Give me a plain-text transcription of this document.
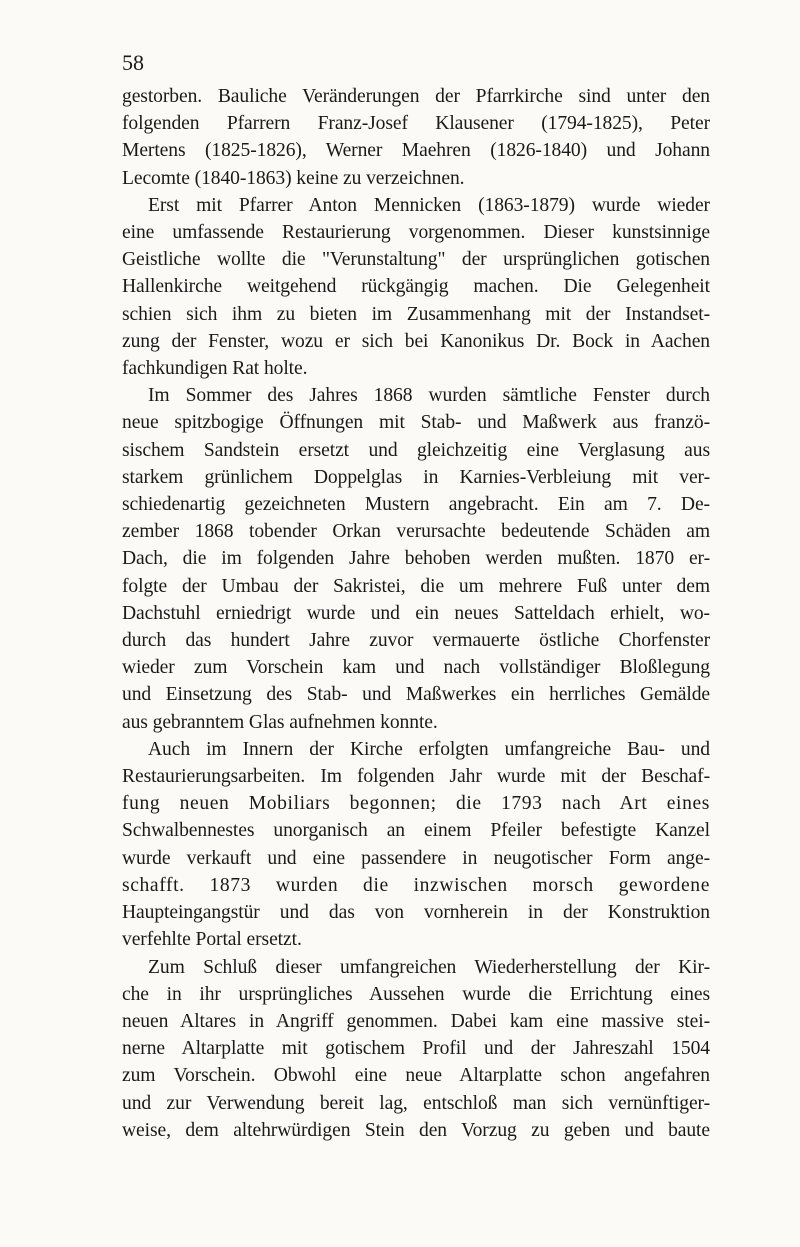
58

gestorben. Bauliche Veränderungen der Pfarrkirche sind unter den
folgenden Pfarrern Franz-Josef Klausener (1794-1825), Peter
Mertens (1825-1826), Werner Maehren (1826-1840) und Johann
Lecomte (1840-1863) keine zu verzeichnen.

Erst mit Pfarrer Anton Mennicken (1863-1879) wurde wieder
eine umfassende Restaurierung vorgenommen. Dieser kunstsinnige
Geistliche wollte die "Verunstaltung" der ursprünglichen gotischen
Hallenkirche weitgehend rückgängig machen. Die Gelegenheit
schien sich ihm zu bieten im Zusammenhang mit der Instandset-
zung der Fenster, wozu er sich bei Kanonikus Dr. Bock in Aachen
fachkundigen Rat holte.

Im Sommer des Jahres 1868 wurden sämtliche Fenster durch
neue spitzbogige Öffnungen mit Stab- und Maßwerk aus franzö-
sischem Sandstein ersetzt und gleichzeitig eine Verglasung aus
starkem grünlichem Doppelglas in Karnies-Verbleiung mit ver-
schiedenartig gezeichneten Mustern angebracht. Ein am 7. De-
zember 1868 tobender Orkan verursachte bedeutende Schäden am
Dach, die im folgenden Jahre behoben werden mußten. 1870 er-
folgte der Umbau der Sakristei, die um mehrere Fuß unter dem
Dachstuhl erniedrigt wurde und ein neues Satteldach erhielt, wo-
durch das hundert Jahre zuvor vermauerte östliche Chorfenster
wieder zum Vorschein kam und nach vollständiger Bloßlegung
und Einsetzung des Stab- und Maßwerkes ein herrliches Gemälde
aus gebranntem Glas aufnehmen konnte.

Auch im Innern der Kirche erfolgten umfangreiche Bau- und
Restaurierungsarbeiten. Im folgenden Jahr wurde mit der Beschaf-
fung neuen Mobiliars begonnen; die 1793 nach Art eines
Schwalbennestes unorganisch an einem Pfeiler befestigte Kanzel
wurde verkauft und eine passendere in neugotischer Form ange-
schafft. 1873 wurden die inzwischen morsch gewordene
Haupteingangstür und das von vornherein in der Konstruktion
verfehlte Portal ersetzt.

Zum Schluß dieser umfangreichen Wiederherstellung der Kir-
che in ihr ursprüngliches Aussehen wurde die Errichtung eines
neuen Altares in Angriff genommen. Dabei kam eine massive stei-
nerne Altarplatte mit gotischem Profil und der Jahreszahl 1504
zum Vorschein. Obwohl eine neue Altarplatte schon angefahren
und zur Verwendung bereit lag, entschloß man sich vernünftiger-
weise, dem altehrwürdigen Stein den Vorzug zu geben und baute
